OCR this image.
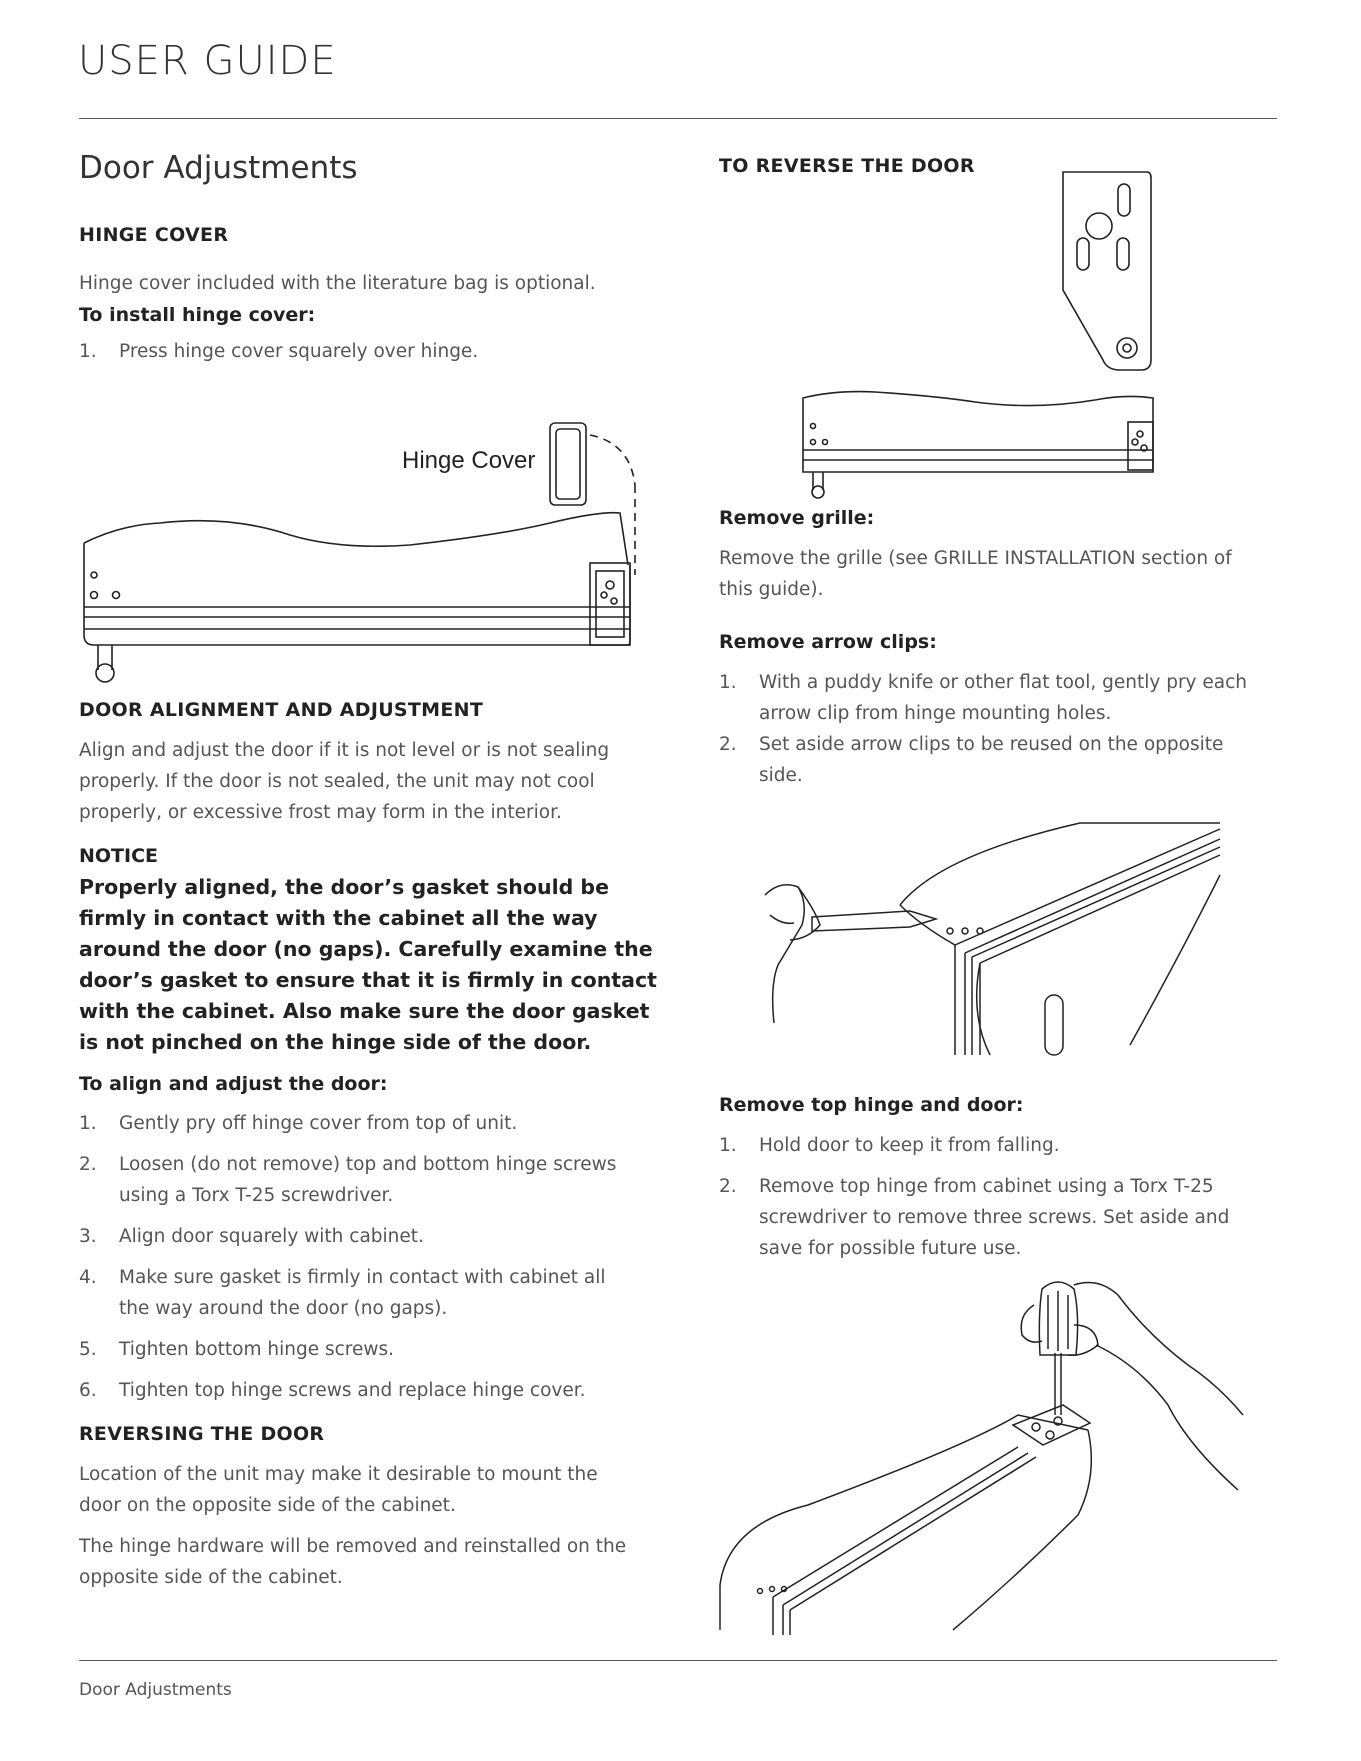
USER GUIDE
Door Adjustments
HINGE COVER
Hinge cover included with the literature bag is optional.
To install hinge cover:
1. Press hinge cover squarely over hinge.
Hinge Cover
DOOR ALIGNMENT AND ADJUSTMENT
Align and adjust the door if it is not level or is not sealing
properly. If the door is not sealed, the unit may not cool
properly, or excessive frost may form in the interior.
NOTICE
Properly aligned, the door’s gasket should be
firmly in contact with the cabinet all the way
around the door (no gaps). Carefully examine the
door’s gasket to ensure that it is firmly in contact
with the cabinet. Also make sure the door gasket
is not pinched on the hinge side of the door.
To align and adjust the door:
1. Gently pry off hinge cover from top of unit.
2. Loosen (do not remove) top and bottom hinge screws
using a Torx T-25 screwdriver.
3. Align door squarely with cabinet.
4. Make sure gasket is firmly in contact with cabinet all
the way around the door (no gaps).
5. Tighten bottom hinge screws.
6. Tighten top hinge screws and replace hinge cover.
REVERSING THE DOOR
Location of the unit may make it desirable to mount the
door on the opposite side of the cabinet.
The hinge hardware will be removed and reinstalled on the
opposite side of the cabinet.
TO REVERSE THE DOOR
Remove grille:
Remove the grille (see GRILLE INSTALLATION section of
this guide).
Remove arrow clips:
1. With a puddy knife or other flat tool, gently pry each
arrow clip from hinge mounting holes.
2. Set aside arrow clips to be reused on the opposite
side.
Remove top hinge and door:
1. Hold door to keep it from falling.
2. Remove top hinge from cabinet using a Torx T-25
screwdriver to remove three screws. Set aside and
save for possible future use.
Door Adjustments
